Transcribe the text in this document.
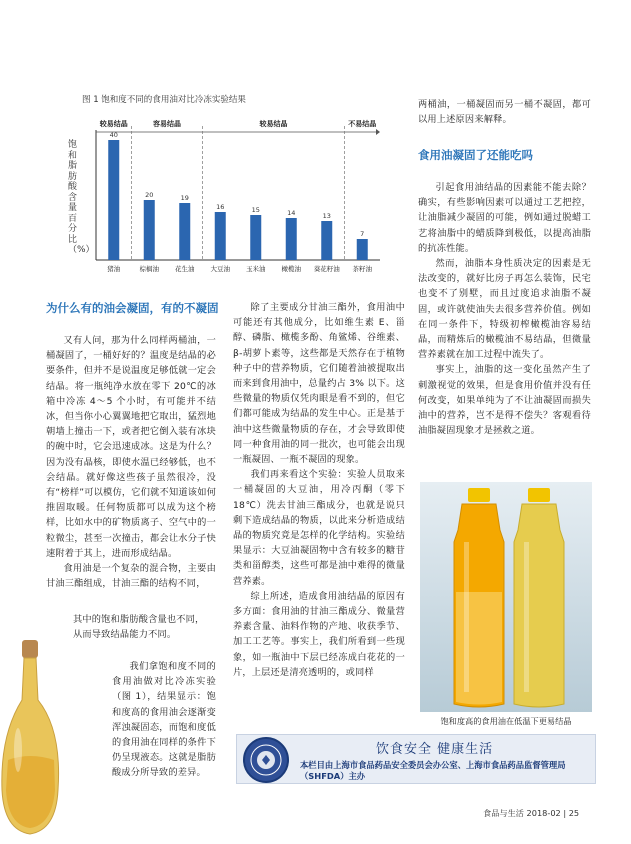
图 1 饱和度不同的食用油对比冷冻实验结果
饱和脂肪酸含量百分比（%）
较易结晶	容易结晶	较易结晶	不易结晶
40
猪油
20
棕榈油
19
花生油
16
大豆油
15
玉米油
14
橄榄油
13
葵花籽油
7
茶籽油
为什么有的油会凝固，有的不凝固

又有人问，那为什么同样两桶油，一桶凝固了，一桶好好的？温度是结晶的必要条件，但并不是说温度足够低就一定会结晶。将一瓶纯净水放在零下 20℃的冰箱中冷冻 4～5 个小时，有可能并不结冰，但当你小心翼翼地把它取出，猛烈地朝墙上撞击一下，或者把它倒入装有冰块的碗中时，它会迅速成冰。这是为什么？因为没有晶核，即使水温已经够低，也不会结晶。就好像这些孩子虽然很冷，没有“榜样”可以模仿，它们就不知道该如何推固取暖。任何物质都可以成为这个榜样，比如水中的矿物质离子、空气中的一粒微尘，甚至一次撞击，都会让水分子快速附着于其上，进而形成结晶。

食用油是一个复杂的混合物，主要由甘油三酯组成，甘油三酯的结构不同，

其中的饱和脂肪酸含量也不同，
从而导致结晶能力不同。

我们拿饱和度不同的食用油做对比冷冻实验（图 1），结果显示：饱和度高的食用油会逐渐变浑浊凝固态，而饱和度低的食用油在同样的条件下仍呈现液态。这就是脂肪酸成分所导致的差异。

除了主要成分甘油三酯外，食用油中可能还有其他成分，比如维生素 E、甾醇、磷脂、橄榄多酚、角鲨烯、谷维素、β-胡萝卜素等，这些都是天然存在于植物种子中的营养物质，它们随着油被提取出而来到食用油中，总量约占 3% 以下。这些微量的物质仅凭肉眼是看不到的，但它们都可能成为结晶的发生中心。正是基于油中这些微量物质的存在，才会导致即使同一种食用油的同一批次，也可能会出现一瓶凝固、一瓶不凝固的现象。

我们再来看这个实验：实验人员取来一桶凝固的大豆油，用冷丙酮（零下 18℃）洗去甘油三酯成分，也就是说只剩下造成结晶的物质，以此来分析造成结晶的物质究竟是怎样的化学结构。实验结果显示：大豆油凝固物中含有较多的糖苷类和甾醇类，这些可都是油中难得的微量营养素。

综上所述，造成食用油结晶的原因有多方面：食用油的甘油三酯成分、微量营养素含量、油料作物的产地、收获季节、加工工艺等。事实上，我们所看到一些现象，如一瓶油中下层已经冻成白花花的一片，上层还是清亮透明的，或同样

两桶油，一桶凝固而另一桶不凝固，都可以用上述原因来解释。
食用油凝固了还能吃吗

引起食用油结晶的因素能不能去除？确实，有些影响因素可以通过工艺把控，让油脂减少凝固的可能，例如通过脱蜡工艺将油脂中的蜡质降到极低，以提高油脂的抗冻性能。

然而，油脂本身性质决定的因素是无法改变的，就好比房子再怎么装饰，民宅也变不了别墅，而且过度追求油脂不凝固，或许就使油失去很多营养价值。例如在同一条件下，特级初榨橄榄油容易结晶，而精炼后的橄榄油不易结晶，但微量营养素就在加工过程中流失了。

事实上，油脂的这一变化虽然产生了刺激视觉的效果，但是食用价值并没有任何改变，如果单纯为了不让油凝固而损失油中的营养，岂不是得不偿失？客观看待油脂凝固现象才是拯救之道。

饱和度高的食用油在低温下更易结晶
饮食安全 健康生活
本栏目由上海市食品药品安全委员会办公室、上海市食品药品监督管理局（SHFDA）主办
食品与生活 2018-02 | 25
